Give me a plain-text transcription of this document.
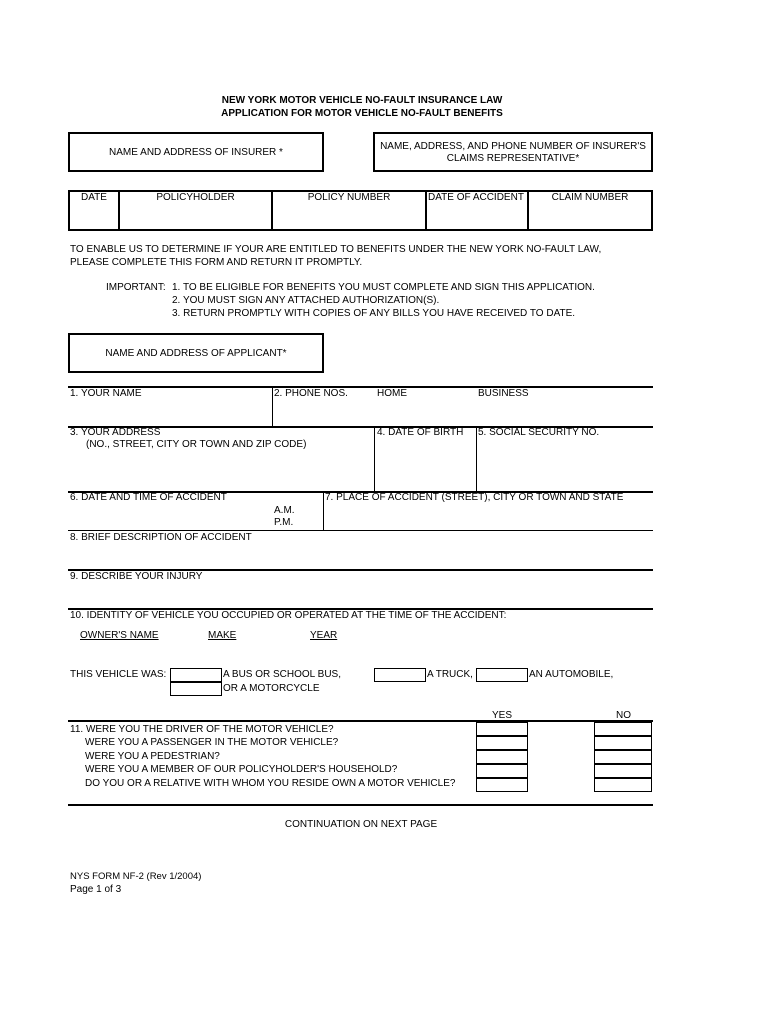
NEW YORK MOTOR VEHICLE NO-FAULT INSURANCE LAW
APPLICATION FOR MOTOR VEHICLE NO-FAULT BENEFITS
NAME AND ADDRESS OF INSURER *
NAME, ADDRESS, AND PHONE NUMBER OF INSURER'S
CLAIMS REPRESENTATIVE*
DATE	POLICYHOLDER	POLICY NUMBER	DATE OF ACCIDENT	CLAIM NUMBER
TO ENABLE US TO DETERMINE IF YOUR ARE ENTITLED TO BENEFITS UNDER THE NEW YORK NO-FAULT LAW,
PLEASE COMPLETE THIS FORM AND RETURN IT PROMPTLY.
IMPORTANT: 1. TO BE ELIGIBLE FOR BENEFITS YOU MUST COMPLETE AND SIGN THIS APPLICATION.
2. YOU MUST SIGN ANY ATTACHED AUTHORIZATION(S).
3. RETURN PROMPTLY WITH COPIES OF ANY BILLS YOU HAVE RECEIVED TO DATE.
NAME AND ADDRESS OF APPLICANT*
1. YOUR NAME	2. PHONE NOS.	HOME	BUSINESS
3. YOUR ADDRESS
(NO., STREET, CITY OR TOWN AND ZIP CODE)
4. DATE OF BIRTH 5. SOCIAL SECURITY NO.
6. DATE AND TIME OF ACCIDENT
A.M.
P.M.
7. PLACE OF ACCIDENT (STREET), CITY OR TOWN AND STATE
8. BRIEF DESCRIPTION OF ACCIDENT
9. DESCRIBE YOUR INJURY
10. IDENTITY OF VEHICLE YOU OCCUPIED OR OPERATED AT THE TIME OF THE ACCIDENT:
OWNER'S NAME	MAKE	YEAR
THIS VEHICLE WAS:	A BUS OR SCHOOL BUS,
OR A MOTORCYCLE
A TRUCK,	AN AUTOMOBILE,
YES	NO
11. WERE YOU THE DRIVER OF THE MOTOR VEHICLE?
WERE YOU A PASSENGER IN THE MOTOR VEHICLE?
WERE YOU A PEDESTRIAN?
WERE YOU A MEMBER OF OUR POLICYHOLDER'S HOUSEHOLD?
DO YOU OR A RELATIVE WITH WHOM YOU RESIDE OWN A MOTOR VEHICLE?
CONTINUATION ON NEXT PAGE
NYS FORM NF-2 (Rev 1/2004)
Page 1 of 3
